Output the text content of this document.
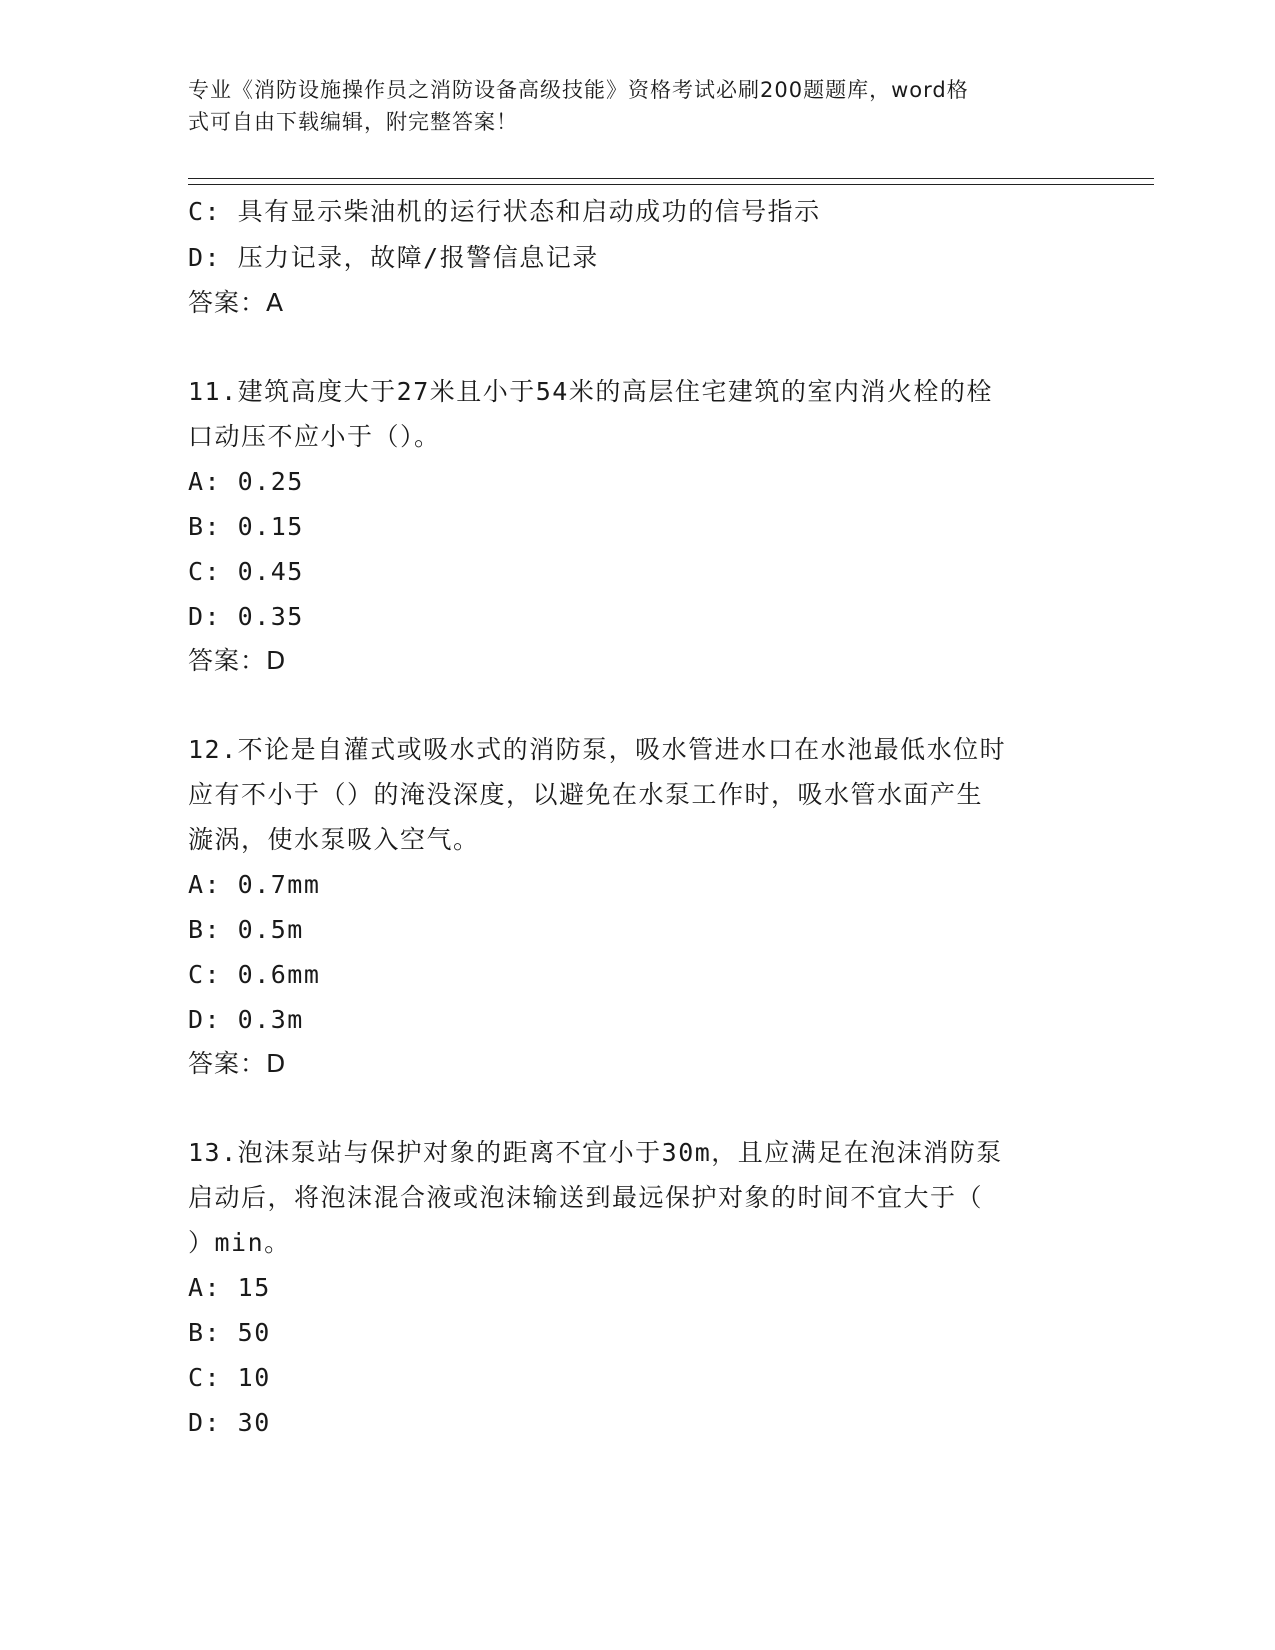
专业《消防设施操作员之消防设备高级技能》资格考试必刷200题题库，word格
式可自由下载编辑，附完整答案！
C: 具有显示柴油机的运行状态和启动成功的信号指示
D: 压力记录，故障/报警信息记录
答案：A
11.建筑高度大于27米且小于54米的高层住宅建筑的室内消火栓的栓
口动压不应小于（）。
A: 0.25
B: 0.15
C: 0.45
D: 0.35
答案：D
12.不论是自灌式或吸水式的消防泵，吸水管进水口在水池最低水位时
应有不小于（）的淹没深度，以避免在水泵工作时，吸水管水面产生
漩涡，使水泵吸入空气。
A: 0.7mm
B: 0.5m
C: 0.6mm
D: 0.3m
答案：D
13.泡沫泵站与保护对象的距离不宜小于30m，且应满足在泡沫消防泵
启动后，将泡沫混合液或泡沫输送到最远保护对象的时间不宜大于（
）min。
A: 15
B: 50
C: 10
D: 30
